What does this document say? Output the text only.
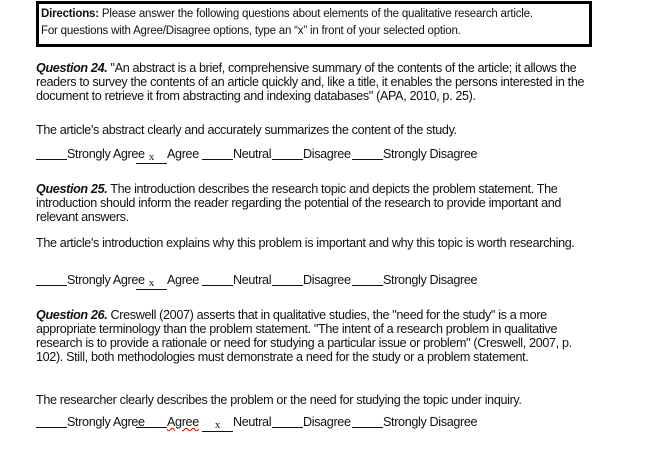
Directions: Please answer the following questions about elements of the qualitative research article.

For questions with Agree/Disagree options, type an “x” in front of your selected option.

Question 24. "An abstract is a brief, comprehensive summary of the contents of the article; it allows the readers to survey the contents of an article quickly and, like a title, it enables the persons interested in the document to retrieve it from abstracting and indexing databases" (APA, 2010, p. 25).
The article's abstract clearly and accurately summarizes the content of the study.
Strongly Agree x Agree	Neutral	Disagree	Strongly Disagree
Question 25. The introduction describes the research topic and depicts the problem statement. The introduction should inform the reader regarding the potential of the research to provide important and relevant answers.
The article's introduction explains why this problem is important and why this topic is worth researching.
Strongly Agree x Agree	Neutral	Disagree	Strongly Disagree
Question 26. Creswell (2007) asserts that in qualitative studies, the "need for the study" is a more appropriate terminology than the problem statement. "The intent of a research problem in qualitative research is to provide a rationale or need for studying a particular issue or problem" (Creswell, 2007, p. 102). Still, both methodologies must demonstrate a need for the study or a problem statement.
The researcher clearly describes the problem or the need for studying the topic under inquiry.
Strongly Agree	Agree	x Neutral	Disagree	Strongly Disagree
